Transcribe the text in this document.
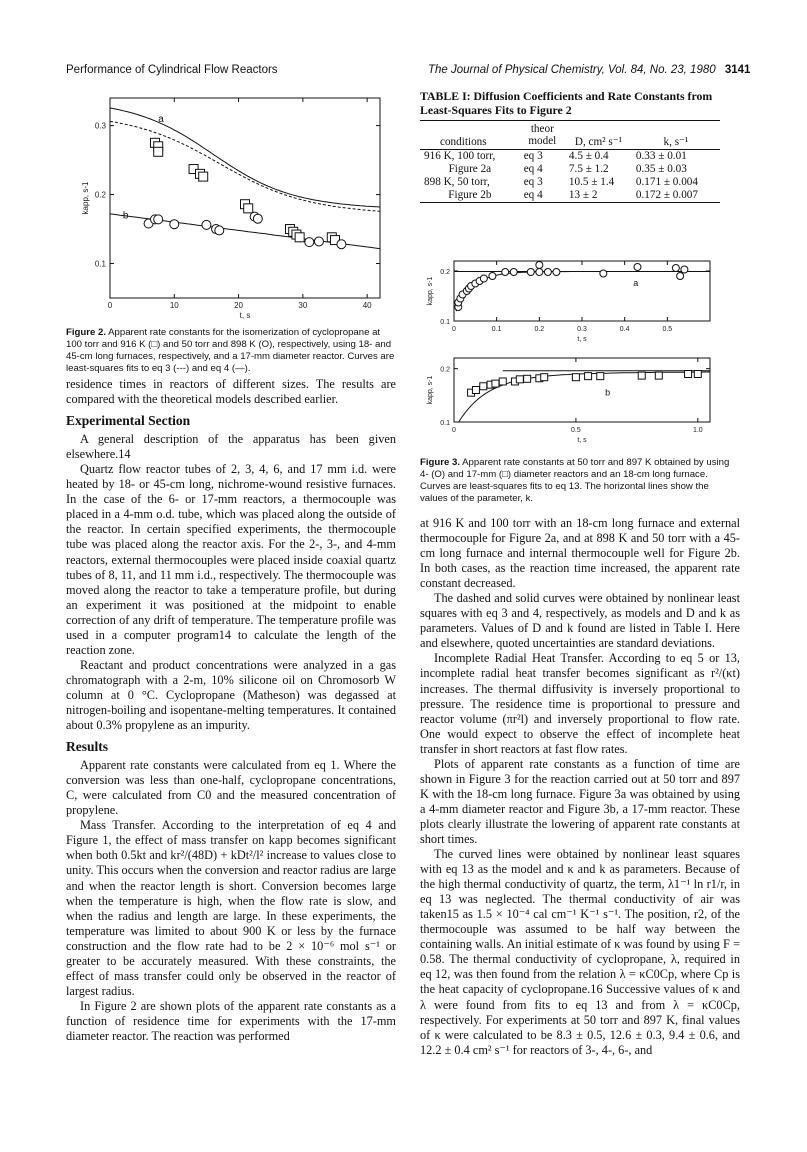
Performance of Cylindrical Flow Reactors	The Journal of Physical Chemistry, Vol. 84, No. 23, 1980 3141
0	10	20	30	40
0.1
0.2
0.3
t, s
kapp, s-1
a
b
Figure 2. Apparent rate constants for the isomerization of cyclopropane at 100 torr and 916 K (□) and 50 torr and 898 K (O), respectively, using 18- and 45-cm long furnaces, respectively, and a 17-mm diameter reactor. Curves are least-squares fits to eq 3 (---) and eq 4 (—).

residence times in reactors of different sizes. The results are compared with the theoretical models described earlier.

Experimental Section

A general description of the apparatus has been given elsewhere.14

Quartz flow reactor tubes of 2, 3, 4, 6, and 17 mm i.d. were heated by 18- or 45-cm long, nichrome-wound resistive furnaces. In the case of the 6- or 17-mm reactors, a thermocouple was placed in a 4-mm o.d. tube, which was placed along the outside of the reactor. In certain specified experiments, the thermocouple tube was placed along the reactor axis. For the 2-, 3-, and 4-mm reactors, external thermocouples were placed inside coaxial quartz tubes of 8, 11, and 11 mm i.d., respectively. The thermocouple was moved along the reactor to take a temperature profile, but during an experiment it was positioned at the midpoint to enable correction of any drift of temperature. The temperature profile was used in a computer program14 to calculate the length of the reaction zone.

Reactant and product concentrations were analyzed in a gas chromatograph with a 2-m, 10% silicone oil on Chromosorb W column at 0 °C. Cyclopropane (Matheson) was degassed at nitrogen-boiling and isopentane-melting temperatures. It contained about 0.3% propylene as an impurity.

Results

Apparent rate constants were calculated from eq 1. Where the conversion was less than one-half, cyclopropane concentrations, C, were calculated from C0 and the measured concentration of propylene.

Mass Transfer. According to the interpretation of eq 4 and Figure 1, the effect of mass transfer on kapp becomes significant when both 0.5kt and kr²/(48D) + kDt²/l² increase to values close to unity. This occurs when the conversion and reactor radius are large and when the reactor length is short. Conversion becomes large when the temperature is high, when the flow rate is slow, and when the radius and length are large. In these experiments, the temperature was limited to about 900 K or less by the furnace construction and the flow rate had to be 2 × 10⁻⁶ mol s⁻¹ or greater to be accurately measured. With these constraints, the effect of mass transfer could only be observed in the reactor of largest radius.

In Figure 2 are shown plots of the apparent rate constants as a function of residence time for experiments with the 17-mm diameter reactor. The reaction was performed

TABLE I: Diffusion Coefficients and Rate Constants from Least-Squares Fits to Figure 2
conditions	theor
model	D, cm² s⁻¹	k, s⁻¹
916 K, 100 torr,	eq 3	4.5 ± 0.4	0.33 ± 0.01
Figure 2a	eq 4	7.5 ± 1.2	0.35 ± 0.03
898 K, 50 torr,	eq 3	10.5 ± 1.4	0.171 ± 0.004
Figure 2b	eq 4	13 ± 2	0.172 ± 0.007
0	0.1	0.2	0.3	0.4	0.5
0.1
0.2
t, s
kapp, s-1	a
0	0.5	1.0
0.1
0.2
t, s
kapp, s-1	b
Figure 3. Apparent rate constants at 50 torr and 897 K obtained by using 4- (O) and 17-mm (□) diameter reactors and an 18-cm long furnace. Curves are least-squares fits to eq 13. The horizontal lines show the values of the parameter, k.

at 916 K and 100 torr with an 18-cm long furnace and external thermocouple for Figure 2a, and at 898 K and 50 torr with a 45-cm long furnace and internal thermocouple well for Figure 2b. In both cases, as the reaction time increased, the apparent rate constant decreased.

The dashed and solid curves were obtained by nonlinear least squares with eq 3 and 4, respectively, as models and D and k as parameters. Values of D and k found are listed in Table I. Here and elsewhere, quoted uncertainties are standard deviations.

Incomplete Radial Heat Transfer. According to eq 5 or 13, incomplete radial heat transfer becomes significant as r²/(κt) increases. The thermal diffusivity is inversely proportional to pressure. The residence time is proportional to pressure and reactor volume (πr²l) and inversely proportional to flow rate. One would expect to observe the effect of incomplete heat transfer in short reactors at fast flow rates.

Plots of apparent rate constants as a function of time are shown in Figure 3 for the reaction carried out at 50 torr and 897 K with the 18-cm long furnace. Figure 3a was obtained by using a 4-mm diameter reactor and Figure 3b, a 17-mm reactor. These plots clearly illustrate the lowering of apparent rate constants at short times.

The curved lines were obtained by nonlinear least squares with eq 13 as the model and κ and k as parameters. Because of the high thermal conductivity of quartz, the term, λ1⁻¹ ln r1/r, in eq 13 was neglected. The thermal conductivity of air was taken15 as 1.5 × 10⁻⁴ cal cm⁻¹ K⁻¹ s⁻¹. The position, r2, of the thermocouple was assumed to be half way between the containing walls. An initial estimate of κ was found by using F = 0.58. The thermal conductivity of cyclopropane, λ, required in eq 12, was then found from the relation λ = κC0Cp, where Cp is the heat capacity of cyclopropane.16 Successive values of κ and λ were found from fits to eq 13 and from λ = κC0Cp, respectively. For experiments at 50 torr and 897 K, final values of κ were calculated to be 8.3 ± 0.5, 12.6 ± 0.3, 9.4 ± 0.6, and 12.2 ± 0.4 cm² s⁻¹ for reactors of 3-, 4-, 6-, and
